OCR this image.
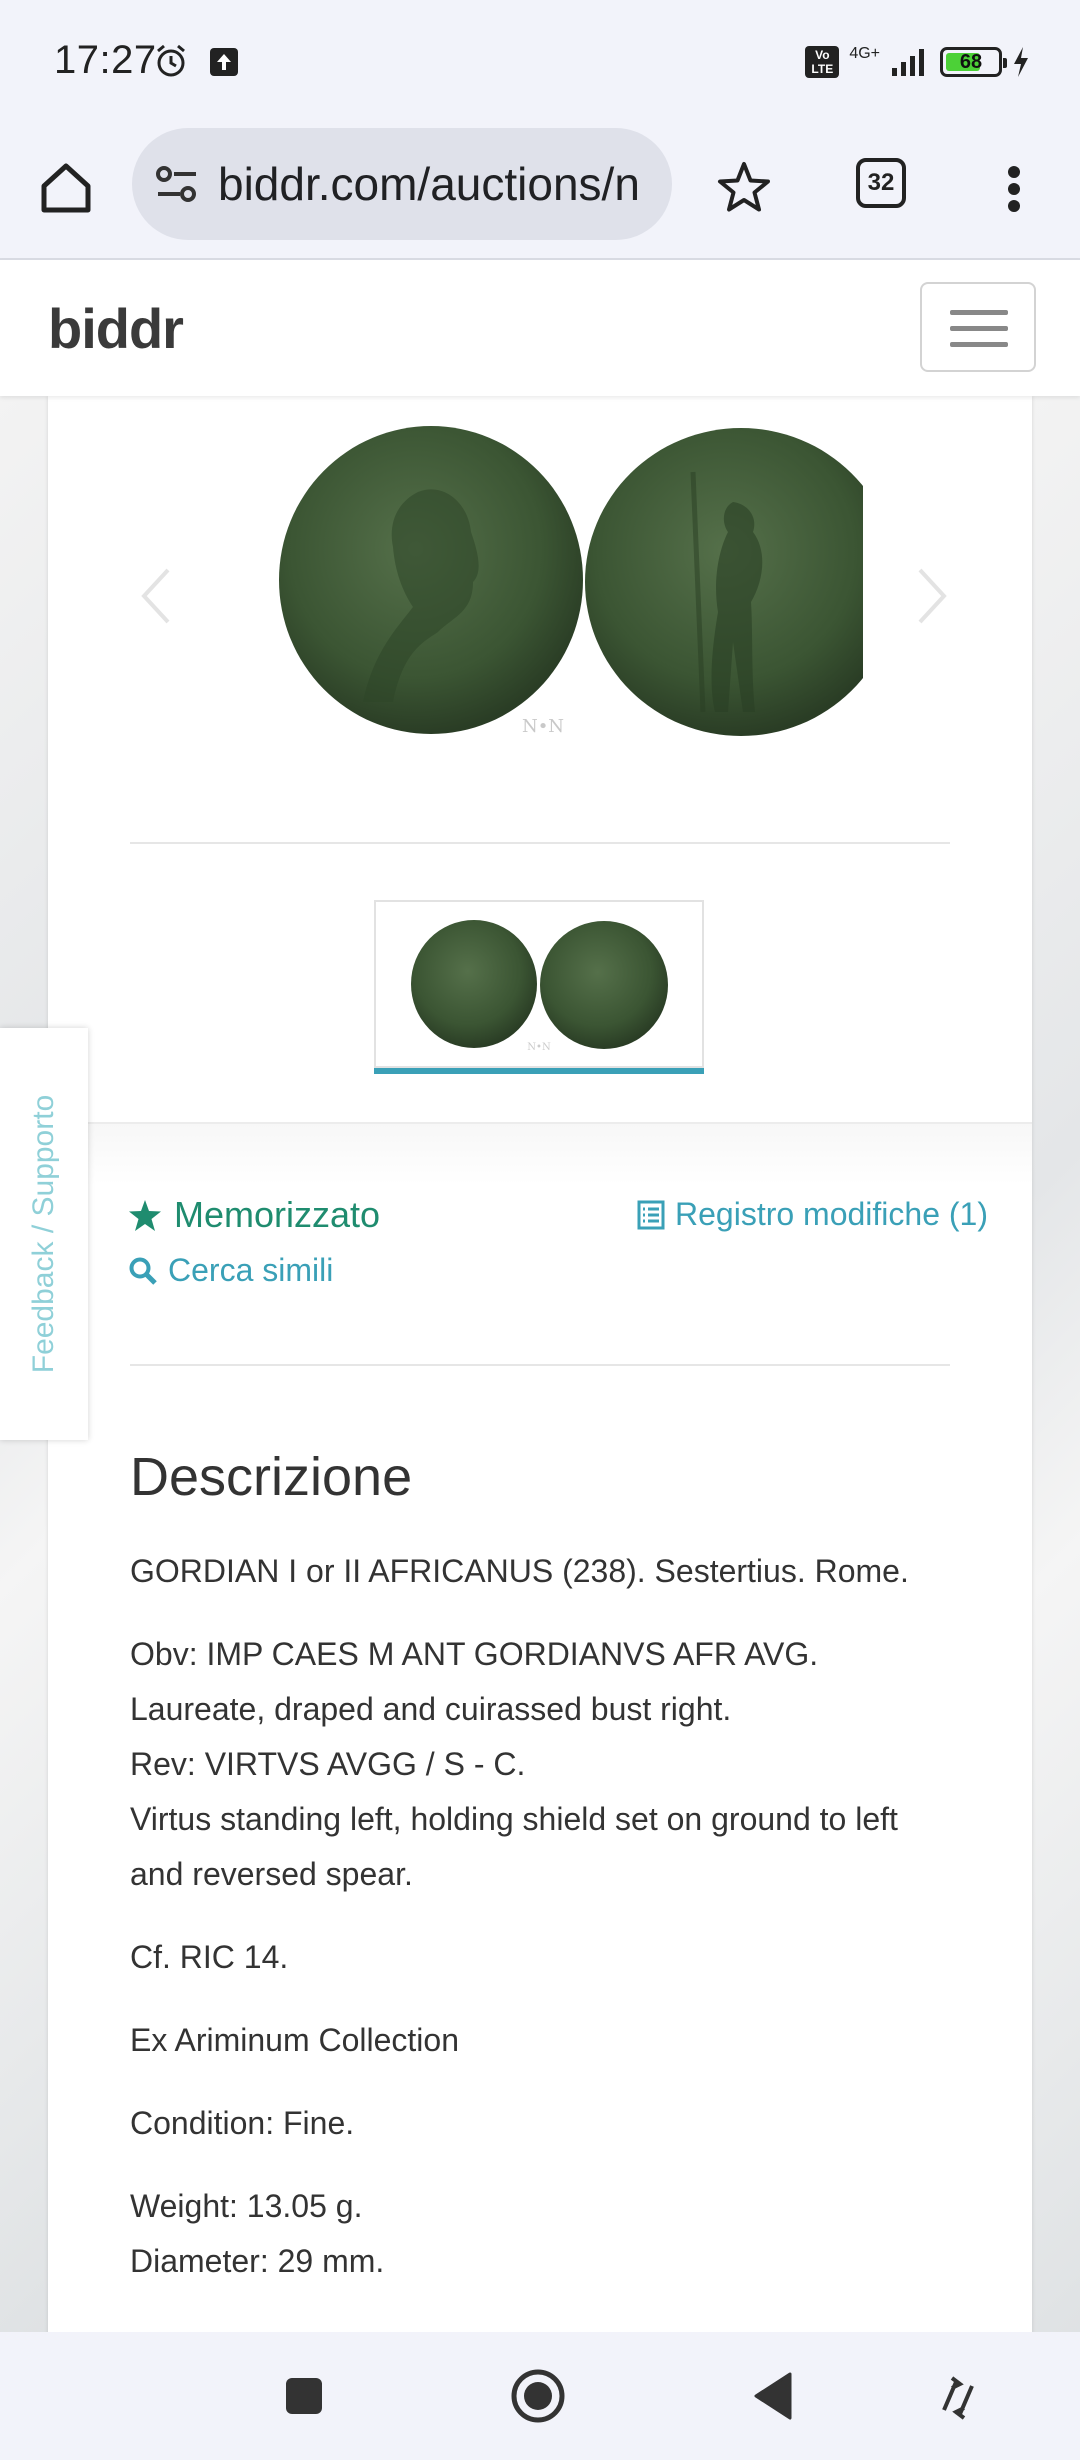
17:27	Vo LTE
4G+	68
biddr.com/auctions/n	32
biddr
N•N
N•N
Memorizzato
Cerca simili
Registro modifiche (1)
Descrizione

GORDIAN I or II AFRICANUS (238). Sestertius. Rome.

Obv: IMP CAES M ANT GORDIANVS AFR AVG.
Laureate, draped and cuirassed bust right.
Rev: VIRTVS AVGG / S - C.
Virtus standing left, holding shield set on ground to left and reversed spear.

Cf. RIC 14.

Ex Ariminum Collection

Condition: Fine.

Weight: 13.05 g.
Diameter: 29 mm.

Feedback / Supporto
